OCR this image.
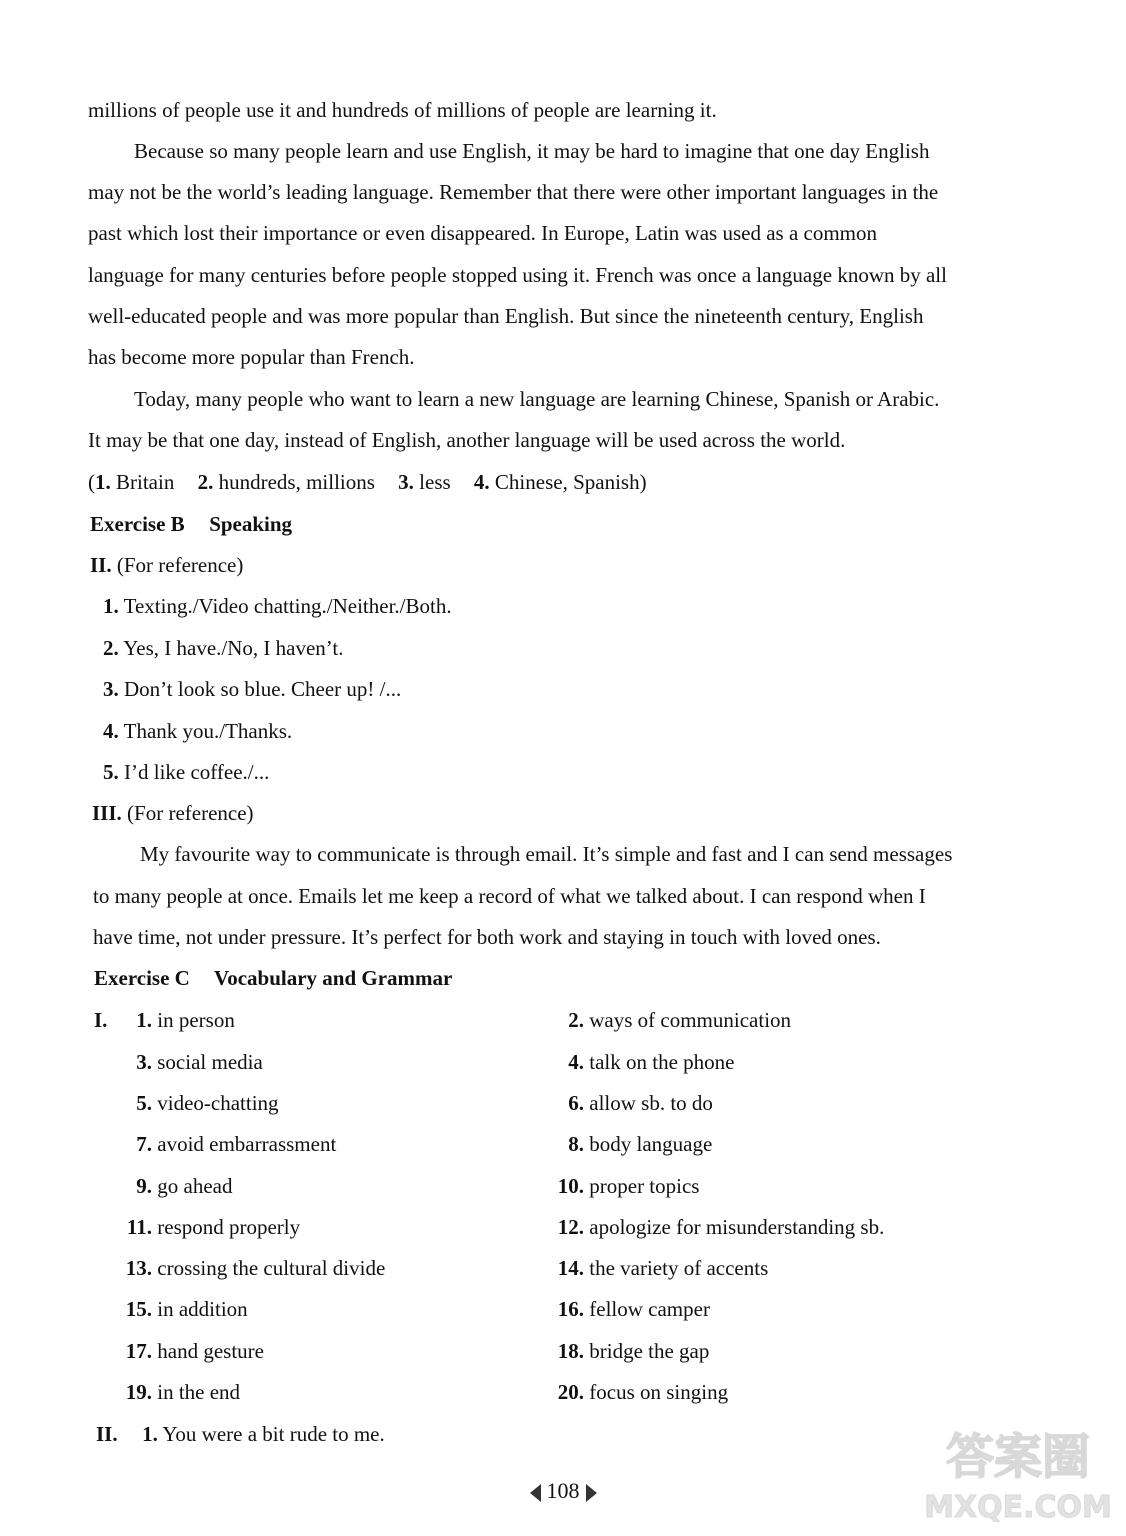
millions of people use it and hundreds of millions of people are learning it.
Because so many people learn and use English, it may be hard to imagine that one day English
may not be the world’s leading language. Remember that there were other important languages in the
past which lost their importance or even disappeared. In Europe, Latin was used as a common
language for many centuries before people stopped using it. French was once a language known by all
well-educated people and was more popular than English. But since the nineteenth century, English
has become more popular than French.
Today, many people who want to learn a new language are learning Chinese, Spanish or Arabic.
It may be that one day, instead of English, another language will be used across the world.
(1. Britain 2. hundreds, millions 3. less 4. Chinese, Spanish)
Exercise B Speaking
II. (For reference)
1. Texting./Video chatting./Neither./Both.
2. Yes, I have./No, I haven’t.
3. Don’t look so blue. Cheer up! /...
4. Thank you./Thanks.
5. I’d like coffee./...
III. (For reference)
My favourite way to communicate is through email. It’s simple and fast and I can send messages
to many people at once. Emails let me keep a record of what we talked about. I can respond when I
have time, not under pressure. It’s perfect for both work and staying in touch with loved ones.
Exercise C Vocabulary and Grammar
I.	1. in person	2. ways of communication
3. social media	4. talk on the phone
5. video-chatting	6. allow sb. to do
7. avoid embarrassment	8. body language
9. go ahead	10. proper topics
11. respond properly	12. apologize for misunderstanding sb.
13. crossing the cultural divide	14. the variety of accents
15. in addition	16. fellow camper
17. hand gesture	18. bridge the gap
19. in the end	20. focus on singing
II. 1. You were a bit rude to me.
108
答案圈
MXQE.COM
